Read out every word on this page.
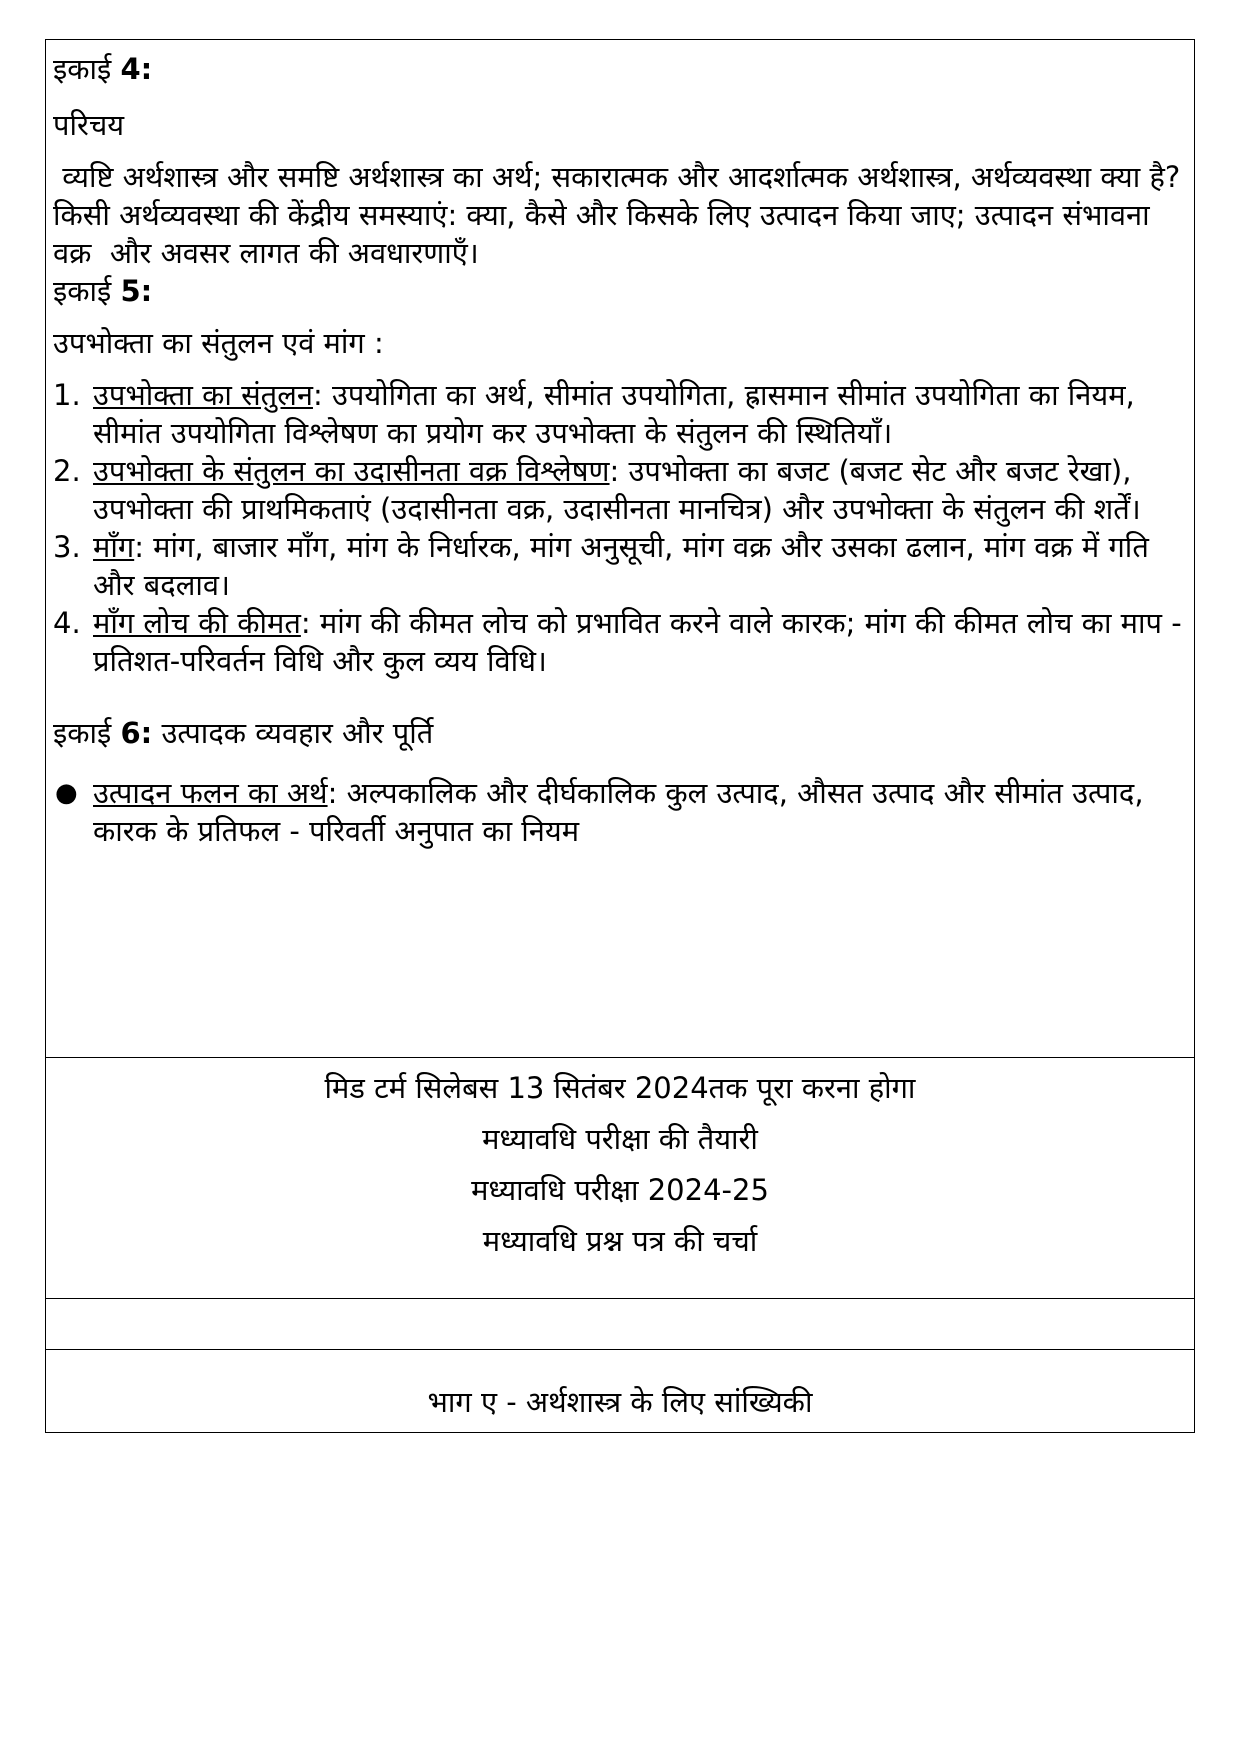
इकाई 4:

परिचय

व्यष्टि अर्थशास्त्र और समष्टि अर्थशास्त्र का अर्थ; सकारात्मक और आदर्शात्मक अर्थशास्त्र, अर्थव्यवस्था क्या है? किसी अर्थव्यवस्था की केंद्रीय समस्याएं: क्या, कैसे और किसके लिए उत्पादन किया जाए; उत्पादन संभावना वक्र  और अवसर लागत की अवधारणाएँ।

इकाई 5:

उपभोक्ता का संतुलन एवं मांग :

1. उपभोक्ता का संतुलन: उपयोगिता का अर्थ, सीमांत उपयोगिता, ह्रासमान सीमांत उपयोगिता का नियम, सीमांत उपयोगिता विश्लेषण का प्रयोग कर उपभोक्ता के संतुलन की स्थितियाँ।
2. उपभोक्ता के संतुलन का उदासीनता वक्र विश्लेषण: उपभोक्ता का बजट (बजट सेट और बजट रेखा), उपभोक्ता की प्राथमिकताएं (उदासीनता वक्र, उदासीनता मानचित्र) और उपभोक्ता के संतुलन की शर्तें।
3. माँग: मांग, बाजार माँग, मांग के निर्धारक, मांग अनुसूची, मांग वक्र और उसका ढलान, मांग वक्र में गति और बदलाव।
4. माँग लोच की कीमत: मांग की कीमत लोच को प्रभावित करने वाले कारक; मांग की कीमत लोच का माप - प्रतिशत-परिवर्तन विधि और कुल व्यय विधि।

इकाई 6: उत्पादक व्यवहार और पूर्ति

● उत्पादन फलन का अर्थ: अल्पकालिक और दीर्घकालिक कुल उत्पाद, औसत उत्पाद और सीमांत उत्पाद, कारक के प्रतिफल - परिवर्ती अनुपात का नियम

मिड टर्म सिलेबस 13 सितंबर 2024तक पूरा करना होगा

मध्यावधि परीक्षा की तैयारी

मध्यावधि परीक्षा 2024-25

मध्यावधि प्रश्न पत्र की चर्चा

भाग ए - अर्थशास्त्र के लिए सांख्यिकी
